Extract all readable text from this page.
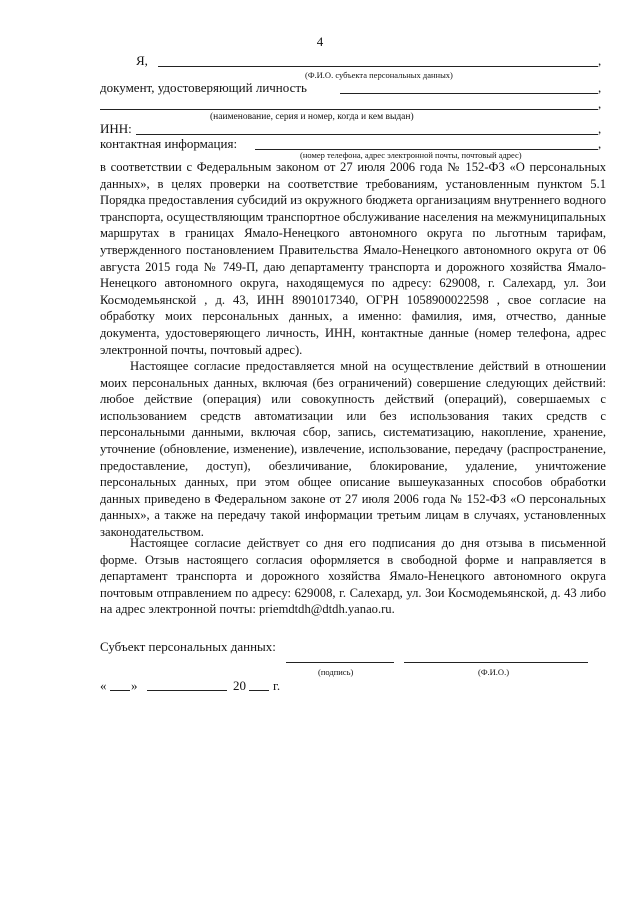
4
Я,	,
(Ф.И.О. субъекта персональных данных)
документ, удостоверяющий личность	,
,
(наименование, серия и номер, когда и кем выдан)
ИНН:	,
контактная информация:	,
(номер телефона, адрес электронной почты, почтовый адрес)

в соответствии с Федеральным законом от 27 июля 2006 года № 152-ФЗ «О персональных данных», в целях проверки на соответствие требованиям, установленным пунктом 5.1 Порядка предоставления субсидий из окружного бюджета организациям внутреннего водного транспорта, осуществляющим транспортное обслуживание населения на межмуниципальных маршрутах в границах Ямало-Ненецкого автономного округа по льготным тарифам, утвержденного постановлением Правительства Ямало-Ненецкого автономного округа от 06 августа 2015 года № 749-П, даю департаменту транспорта и дорожного хозяйства Ямало-Ненецкого автономного округа, находящемуся по адресу: 629008, г. Салехард, ул. Зои Космодемьянской , д. 43, ИНН 8901017340, ОГРН 1058900022598 , свое согласие на обработку моих персональных данных, а именно: фамилия, имя, отчество, данные документа, удостоверяющего личность, ИНН, контактные данные (номер телефона, адрес электронной почты, почтовый адрес).

Настоящее согласие предоставляется мной на осуществление действий в отношении моих персональных данных, включая (без ограничений) совершение следующих действий: любое действие (операция) или совокупность действий (операций), совершаемых с использованием средств автоматизации или без использования таких средств с персональными данными, включая сбор, запись, систематизацию, накопление, хранение, уточнение (обновление, изменение), извлечение, использование, передачу (распространение, предоставление, доступ), обезличивание, блокирование, удаление, уничтожение персональных данных, при этом общее описание вышеуказанных способов обработки данных приведено в Федеральном законе от 27 июля 2006 года № 152-ФЗ «О персональных данных», а также на передачу такой информации третьим лицам в случаях, установленных законодательством.

Настоящее согласие действует со дня его подписания до дня отзыва в письменной форме. Отзыв настоящего согласия оформляется в свободной форме и направляется в департамент транспорта и дорожного хозяйства Ямало-Ненецкого автономного округа почтовым отправлением по адресу: 629008, г. Салехард, ул. Зои Космодемьянской, д. 43 либо на адрес электронной почты: priemdtdh@dtdh.yanao.ru.

Субъект персональных данных:
(подпись)	(Ф.И.О.)
« »	20 г.
